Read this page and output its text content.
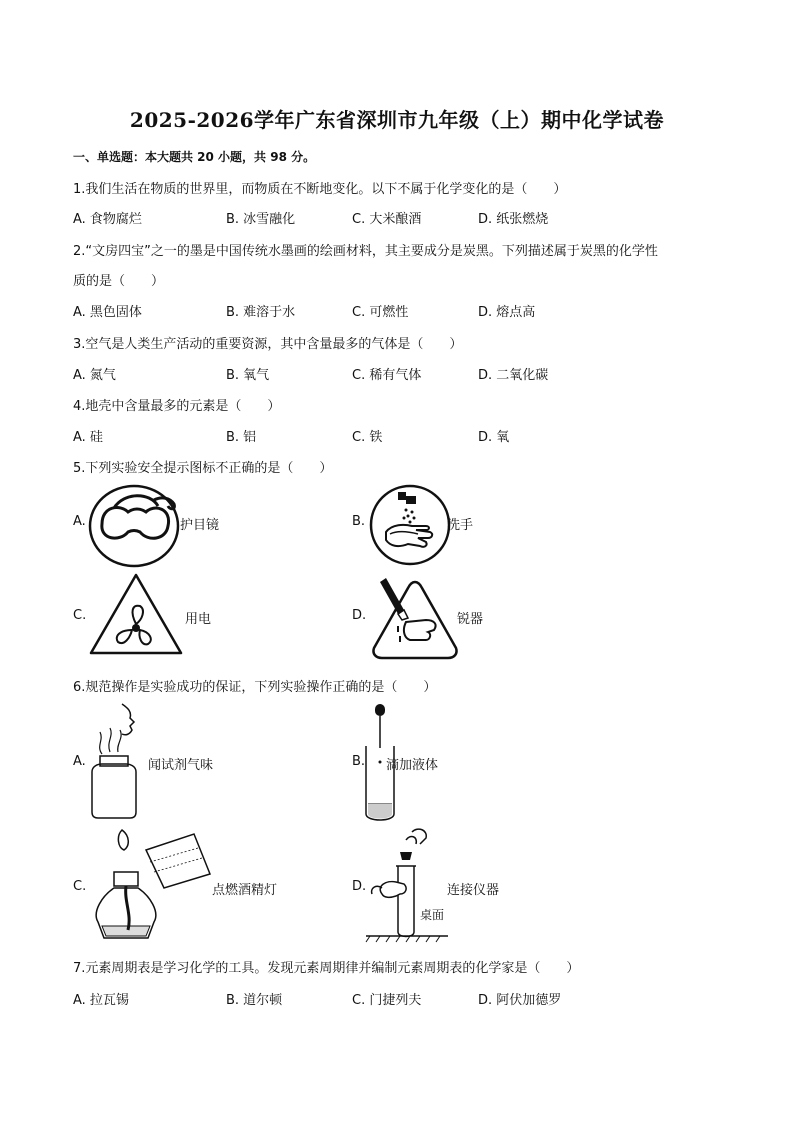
2025-2026学年广东省深圳市九年级（上）期中化学试卷
一、单选题：本大题共 20 小题，共 98 分。
1.我们生活在物质的世界里，而物质在不断地变化。以下不属于化学变化的是（　　）
A. 食物腐烂	B. 冰雪融化	C. 大米酿酒	D. 纸张燃烧
2.“文房四宝”之一的墨是中国传统水墨画的绘画材料，其主要成分是炭黑。下列描述属于炭黑的化学性
质的是（　　）
A. 黑色固体	B. 难溶于水	C. 可燃性	D. 熔点高
3.空气是人类生产活动的重要资源，其中含量最多的气体是（　　）
A. 氮气	B. 氧气	C. 稀有气体	D. 二氧化碳
4.地壳中含量最多的元素是（　　）
A. 硅	B. 铝	C. 铁	D. 氧
5.下列实验安全提示图标不正确的是（　　）
A.	护目镜	B.	洗手
C.	用电	D.	锐器
6.规范操作是实验成功的保证，下列实验操作正确的是（　　）
A.	闻试剂气味	B. 滴加液体
C.	点燃酒精灯	D.
桌面
连接仪器
7.元素周期表是学习化学的工具。发现元素周期律并编制元素周期表的化学家是（　　）
A. 拉瓦锡	B. 道尔顿	C. 门捷列夫	D. 阿伏加德罗
